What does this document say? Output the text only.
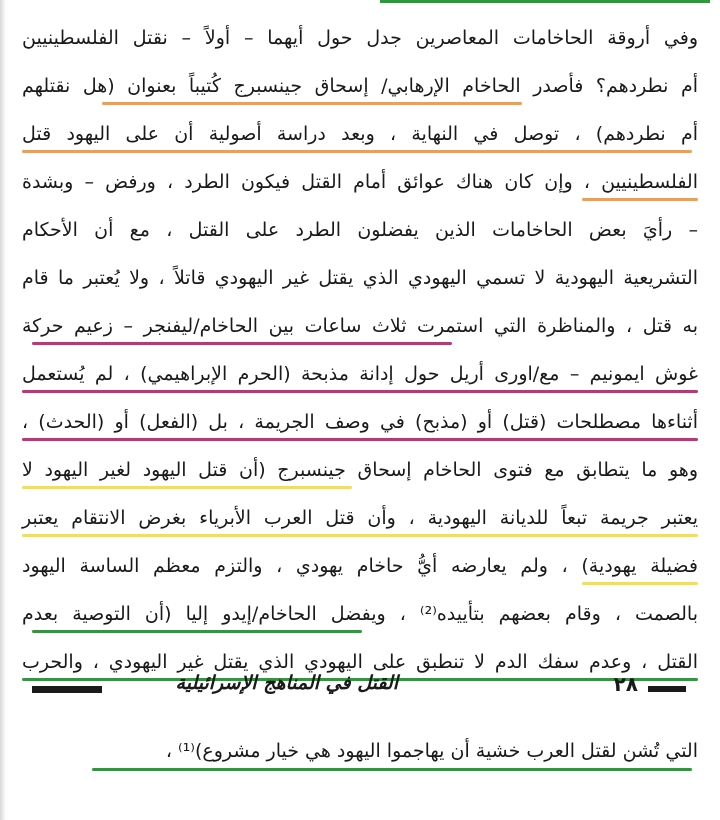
وفي أروقة الحاخامات المعاصرين جدل حول أيهما – أولاً – نقتل الفلسطينيين
أم نطردهم؟ فأصدر الحاخام الإرهابي/ إسحاق جينسبرج كُتيباً بعنوان (هل نقتلهم
أم نطردهم) ، توصل في النهاية ، وبعد دراسة أصولية أن على اليهود قتل
الفلسطينيين ، وإن كان هناك عوائق أمام القتل فيكون الطرد ، ورفض – وبشدة
– رأيَ بعض الحاخامات الذين يفضلون الطرد على القتل ، مع أن الأحكام
التشريعية اليهودية لا تسمي اليهودي الذي يقتل غير اليهودي قاتلاً ، ولا يُعتبر ما قام
به قتل ، والمناظرة التي استمرت ثلاث ساعات بين الحاخام/ليفنجر – زعيم حركة
غوش ايمونيم – مع/اورى أريل حول إدانة مذبحة (الحرم الإبراهيمي) ، لم يُستعمل
أثناءها مصطلحات (قتل) أو (مذبح) في وصف الجريمة ، بل (الفعل) أو (الحدث) ،
وهو ما يتطابق مع فتوى الحاخام إسحاق جينسبرج (أن قتل اليهود لغير اليهود لا
يعتبر جريمة تبعاً للديانة اليهودية ، وأن قتل العرب الأبرياء بغرض الانتقام يعتبر
فضيلة يهودية) ، ولم يعارضه أيُّ حاخام يهودي ، والتزم معظم الساسة اليهود
بالصمت ، وقام بعضهم بتأييده⁽²⁾ ، ويفضل الحاخام/إيدو إليا (أن التوصية بعدم
القتل ، وعدم سفك الدم لا تنطبق على اليهودي الذي يقتل غير اليهودي ، والحرب
٢٨
القتل في المناهج الإسرائيلية
التي تُشن لقتل العرب خشية أن يهاجموا اليهود هي خيار مشروع)⁽¹⁾ ،
